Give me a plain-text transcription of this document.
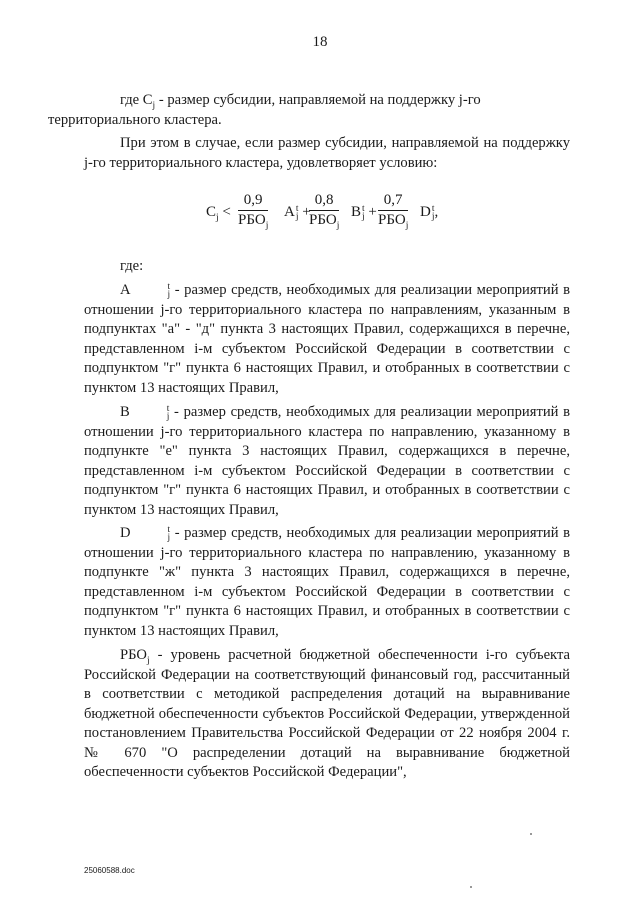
18

где $C_j$ - размер субсидии, направляемой на поддержку j-го
территориального кластера.

При этом в случае, если размер субсидии, направляемой на поддержку j-го территориального кластера, удовлетворяет условию:

$C_j$ <
0,9
$РБО_j$
A t
j +
0,8
$РБО_j$
B t
j +
0,7
$РБО_j$
D t
j ,

где:

A	t
j - размер средств, необходимых для реализации мероприятий в отношении j-го территориального кластера по направлениям, указанным в подпунктах "а" - "д" пункта 3 настоящих Правил, содержащихся в перечне, представленном i-м субъектом Российской Федерации в соответствии с подпунктом "г" пункта 6 настоящих Правил, и отобранных в соответствии с пунктом 13 настоящих Правил,

B	t
j - размер средств, необходимых для реализации мероприятий в отношении j-го территориального кластера по направлению, указанному в подпункте "е" пункта 3 настоящих Правил, содержащихся в перечне, представленном i-м субъектом Российской Федерации в соответствии с подпунктом "г" пункта 6 настоящих Правил, и отобранных в соответствии с пунктом 13 настоящих Правил,

D	t
j - размер средств, необходимых для реализации мероприятий в отношении j-го территориального кластера по направлению, указанному в подпункте "ж" пункта 3 настоящих Правил, содержащихся в перечне, представленном i-м субъектом Российской Федерации в соответствии с подпунктом "г" пункта 6 настоящих Правил, и отобранных в соответствии с пунктом 13 настоящих Правил,

$РБО_j$ - уровень расчетной бюджетной обеспеченности i-го субъекта Российской Федерации на соответствующий финансовый год, рассчитанный в соответствии с методикой распределения дотаций на выравнивание бюджетной обеспеченности субъектов Российской Федерации, утвержденной постановлением Правительства Российской Федерации от 22 ноября 2004 г. № 670 "О распределении дотаций на выравнивание бюджетной обеспеченности субъектов Российской Федерации",

25060588.doc
